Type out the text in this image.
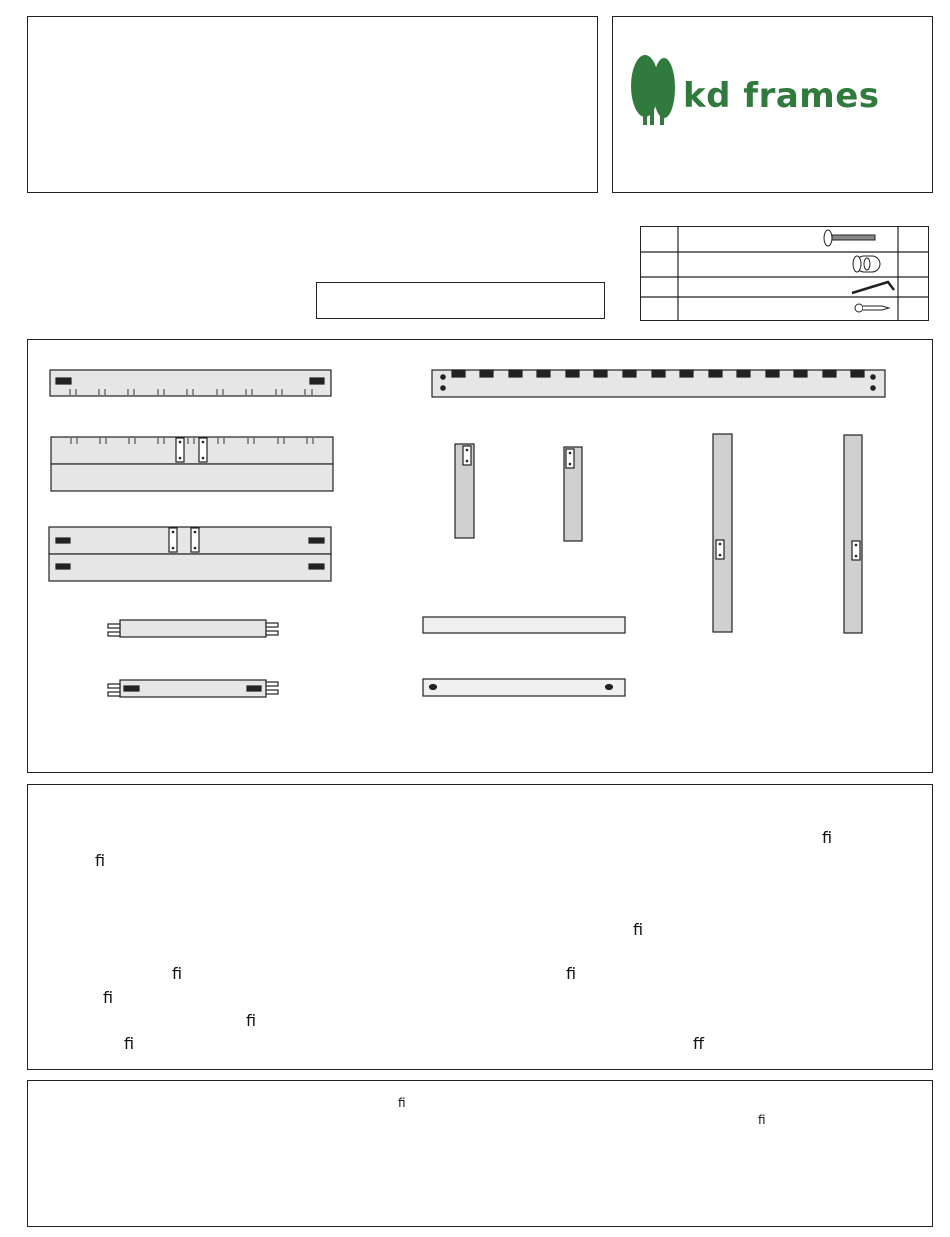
kd frames
ﬁ
ﬁ
ﬁ
ﬁ	ﬁ
ﬁ
ﬁ
ﬁ	ﬀ
ﬁ
ﬁ
